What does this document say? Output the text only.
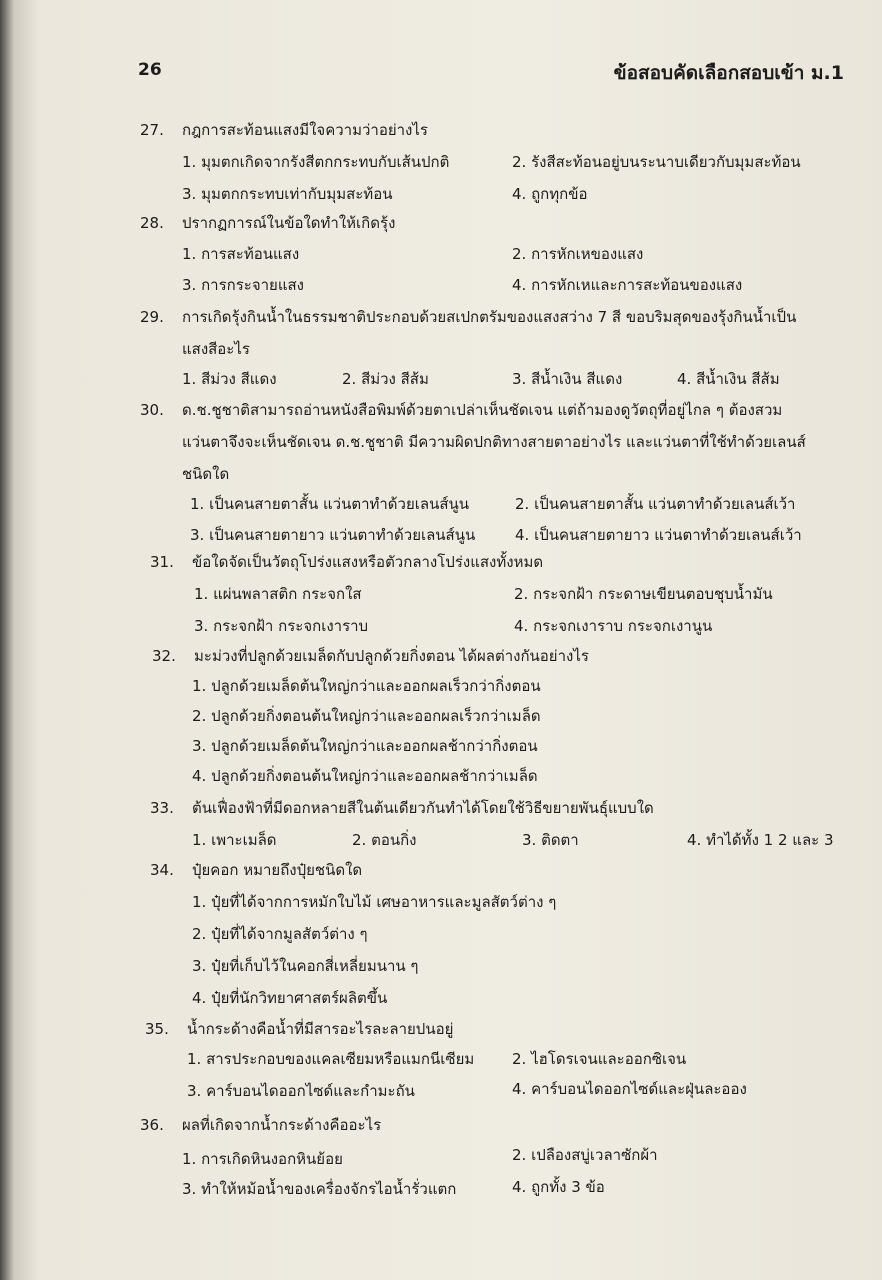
26	ข้อสอบคัดเลือกสอบเข้า ม.1
27.	กฎการสะท้อนแสงมีใจความว่าอย่างไร
1. มุมตกเกิดจากรังสีตกกระทบกับเส้นปกติ	2. รังสีสะท้อนอยู่บนระนาบเดียวกับมุมสะท้อน
3. มุมตกกระทบเท่ากับมุมสะท้อน	4. ถูกทุกข้อ
28.	ปรากฏการณ์ในข้อใดทำให้เกิดรุ้ง
1. การสะท้อนแสง	2. การหักเหของแสง
3. การกระจายแสง	4. การหักเหและการสะท้อนของแสง
29.	การเกิดรุ้งกินน้ำในธรรมชาติประกอบด้วยสเปกตรัมของแสงสว่าง 7 สี ขอบริมสุดของรุ้งกินน้ำเป็น
แสงสีอะไร
1. สีม่วง สีแดง	2. สีม่วง สีส้ม	3. สีน้ำเงิน สีแดง	4. สีน้ำเงิน สีส้ม
30.	ด.ช.ชูชาติสามารถอ่านหนังสือพิมพ์ด้วยตาเปล่าเห็นชัดเจน แต่ถ้ามองดูวัตถุที่อยู่ไกล ๆ ต้องสวม
แว่นตาจึงจะเห็นชัดเจน ด.ช.ชูชาติ มีความผิดปกติทางสายตาอย่างไร และแว่นตาที่ใช้ทำด้วยเลนส์
ชนิดใด
1. เป็นคนสายตาสั้น แว่นตาทำด้วยเลนส์นูน	2. เป็นคนสายตาสั้น แว่นตาทำด้วยเลนส์เว้า
3. เป็นคนสายตายาว แว่นตาทำด้วยเลนส์นูน	4. เป็นคนสายตายาว แว่นตาทำด้วยเลนส์เว้า
31.	ข้อใดจัดเป็นวัตถุโปร่งแสงหรือตัวกลางโปร่งแสงทั้งหมด
1. แผ่นพลาสติก กระจกใส	2. กระจกฝ้า กระดาษเขียนตอบชุบน้ำมัน
3. กระจกฝ้า กระจกเงาราบ	4. กระจกเงาราบ กระจกเงานูน
32.	มะม่วงที่ปลูกด้วยเมล็ดกับปลูกด้วยกิ่งตอน ได้ผลต่างกันอย่างไร
1. ปลูกด้วยเมล็ดต้นใหญ่กว่าและออกผลเร็วกว่ากิ่งตอน
2. ปลูกด้วยกิ่งตอนต้นใหญ่กว่าและออกผลเร็วกว่าเมล็ด
3. ปลูกด้วยเมล็ดต้นใหญ่กว่าและออกผลช้ากว่ากิ่งตอน
4. ปลูกด้วยกิ่งตอนต้นใหญ่กว่าและออกผลช้ากว่าเมล็ด
33.	ต้นเฟื่องฟ้าที่มีดอกหลายสีในต้นเดียวกันทำได้โดยใช้วิธีขยายพันธุ์แบบใด
1. เพาะเมล็ด	2. ตอนกิ่ง	3. ติดตา	4. ทำได้ทั้ง 1 2 และ 3
34.	ปุ๋ยคอก หมายถึงปุ๋ยชนิดใด
1. ปุ๋ยที่ได้จากการหมักใบไม้ เศษอาหารและมูลสัตว์ต่าง ๆ
2. ปุ๋ยที่ได้จากมูลสัตว์ต่าง ๆ
3. ปุ๋ยที่เก็บไว้ในคอกสี่เหลี่ยมนาน ๆ
4. ปุ๋ยที่นักวิทยาศาสตร์ผลิตขึ้น
35.	น้ำกระด้างคือน้ำที่มีสารอะไรละลายปนอยู่
1. สารประกอบของแคลเซียมหรือแมกนีเซียม	2. ไฮโดรเจนและออกซิเจน
3. คาร์บอนไดออกไซด์และกำมะถัน	4. คาร์บอนไดออกไซด์และฝุ่นละออง
36.	ผลที่เกิดจากน้ำกระด้างคืออะไร
1. การเกิดหินงอกหินย้อย	2. เปลืองสบู่เวลาซักผ้า
3. ทำให้หม้อน้ำของเครื่องจักรไอน้ำรั่วแตก	4. ถูกทั้ง 3 ข้อ
